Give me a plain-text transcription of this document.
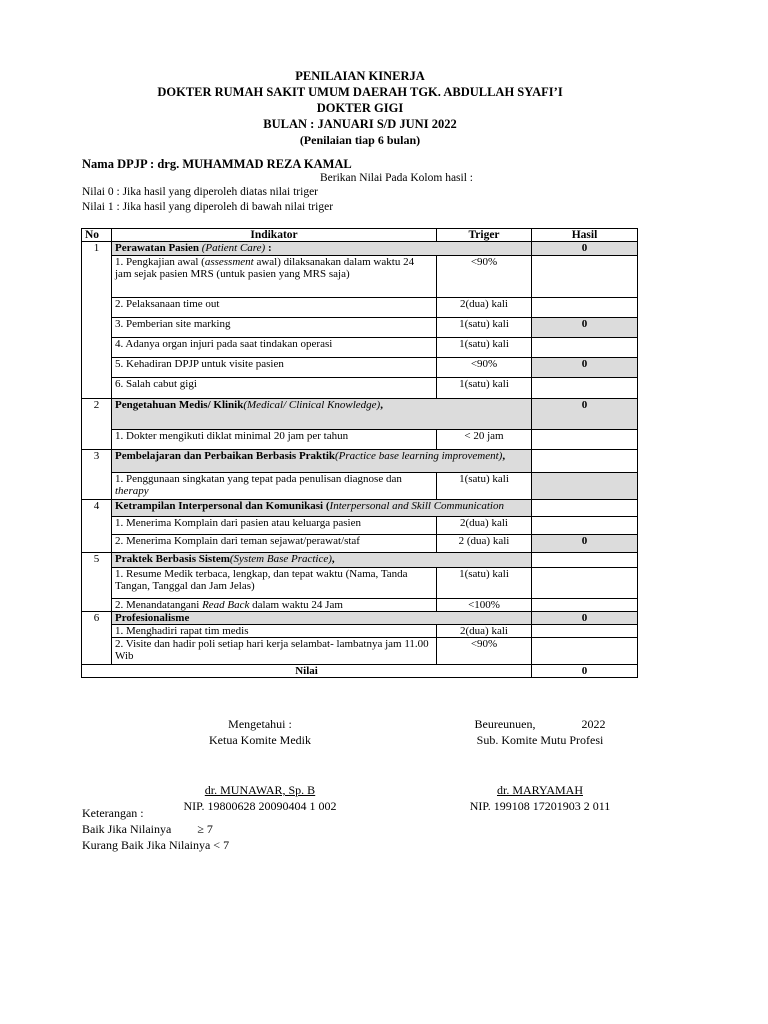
PENILAIAN KINERJA
DOKTER RUMAH SAKIT UMUM DAERAH TGK. ABDULLAH SYAFI’I
DOKTER GIGI
BULAN : JANUARI S/D JUNI 2022
(Penilaian tiap 6 bulan)
Nama DPJP : drg. MUHAMMAD REZA KAMAL
Berikan Nilai Pada Kolom hasil :
Nilai 0 : Jika hasil yang diperoleh diatas nilai triger
Nilai 1 : Jika hasil yang diperoleh di bawah nilai triger
No	Indikator	Triger	Hasil
1	Perawatan Pasien (Patient Care) :		0
	1. Pengkajian awal (assessment awal) dilaksanakan dalam waktu 24 jam sejak pasien MRS (untuk pasien yang MRS saja)	<90%	
	2. Pelaksanaan time out	2(dua) kali	
	3. Pemberian site marking	1(satu) kali	0
	4. Adanya organ injuri pada saat tindakan operasi	1(satu) kali	
	5. Kehadiran DPJP untuk visite pasien	<90%	0
	6. Salah cabut gigi	1(satu) kali	
2	Pengetahuan Medis/ Klinik(Medical/ Clinical Knowledge),		0
	1. Dokter mengikuti diklat minimal 20 jam per tahun	< 20 jam	
3	Pembelajaran dan Perbaikan Berbasis Praktik(Practice base learning improvement),		

	1. Penggunaan singkatan yang tepat pada penulisan diagnose dan therapy	1(satu) kali	
4	Ketrampilan Interpersonal dan Komunikasi (Interpersonal and Skill Communication		

	1. Menerima Komplain dari pasien atau keluarga pasien	2(dua) kali	
	2. Menerima Komplain dari teman sejawat/perawat/staf	2 (dua) kali	0
5	Praktek Berbasis Sistem(System Base Practice),		
	1. Resume Medik terbaca, lengkap, dan tepat waktu (Nama, Tanda Tangan, Tanggal dan Jam Jelas)	1(satu) kali	
	2. Menandatangani Read Back dalam waktu 24 Jam	<100%	
6	Profesionalisme		0
	1. Menghadiri rapat tim medis	2(dua) kali	
	2. Visite dan hadir poli setiap hari kerja selambat- lambatnya jam 11.00 Wib	<90%	
Nilai			0
Mengetahui :
Ketua Komite Medik
dr. MUNAWAR, Sp. B
NIP. 19800628 20090404 1 002
Beureunuen,	2022
Sub. Komite Mutu Profesi
dr. MARYAMAH
NIP. 199108 17201903 2 011
Keterangan :
Baik Jika Nilainya ≥ 7
Kurang Baik Jika Nilainya < 7
